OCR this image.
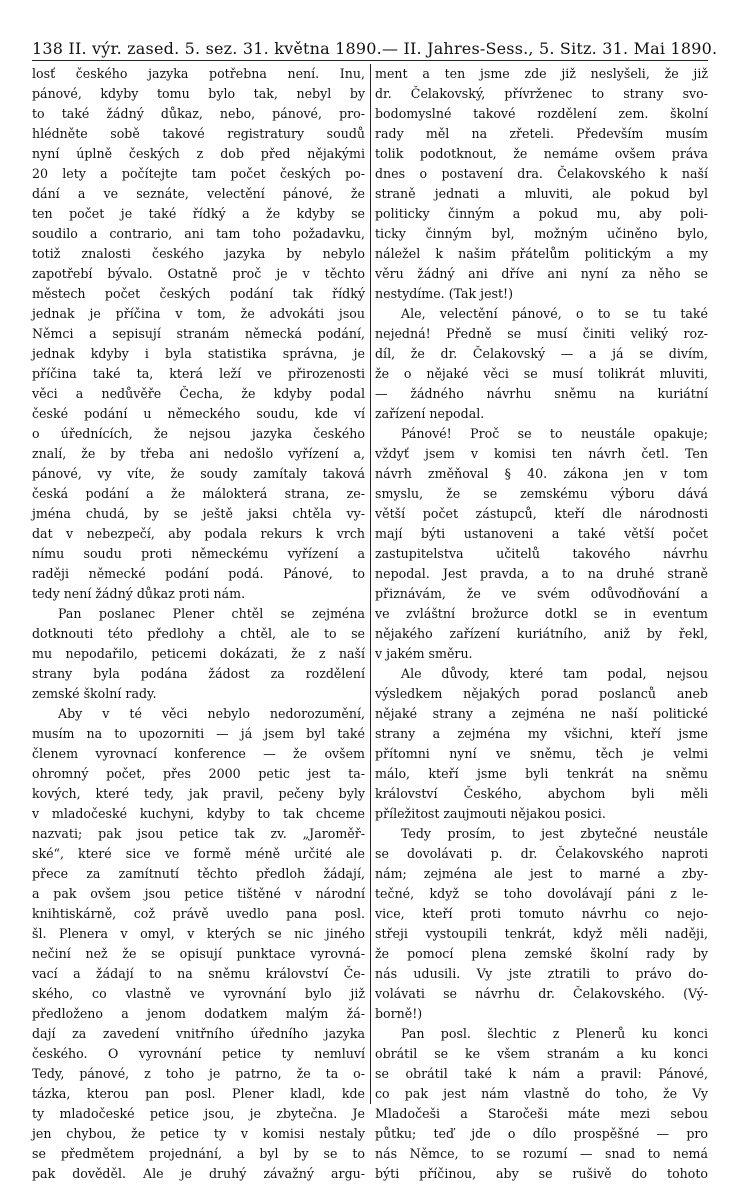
138 II. výr. zased. 5. sez. 31. května 1890. — II. Jahres-Sess., 5. Sitz. 31. Mai 1890.
losť českého jazyka potřebna není. Inu,
pánové, kdyby tomu bylo tak, nebyl by
to také žádný důkaz, nebo, pánové, pro-
hlédněte sobě takové registratury soudů
nyní úplně českých z dob před nějakými
20 lety a počítejte tam počet českých po-
dání a ve seznáte, velectění pánové, že
ten počet je také řídký a že kdyby se
soudilo a contrario, ani tam toho požadavku,
totiž znalosti českého jazyka by nebylo
zapotřebí bývalo. Ostatně proč je v těchto
městech počet českých podání tak řídký
jednak je příčina v tom, že advokáti jsou
Němci a sepisují stranám německá podání,
jednak kdyby i byla statistika správna, je
příčina také ta, která leží ve přirozenosti
věci a nedůvěře Čecha, že kdyby podal
české podání u německého soudu, kde ví
o úřednících, že nejsou jazyka českého
znalí, že by třeba ani nedošlo vyřízení a,
pánové, vy víte, že soudy zamítaly taková
česká podání a že málokterá strana, ze-
jména chudá, by se ještě jaksi chtěla vy-
dat v nebezpečí, aby podala rekurs k vrch
nímu soudu proti německému vyřízení a
raději německé podání podá. Pánové, to
tedy není žádný důkaz proti nám.
Pan poslanec Plener chtěl se zejména
dotknouti této předlohy a chtěl, ale to se
mu nepodařilo, peticemi dokázati, že z naší
strany byla podána žádost za rozdělení
zemské školní rady.
Aby v té věci nebylo nedorozumění,
musím na to upozorniti — já jsem byl také
členem vyrovnací konference — že ovšem
ohromný počet, přes 2000 petic jest ta-
kových, které tedy, jak pravil, pečeny byly
v mladočeské kuchyni, kdyby to tak chceme
nazvati; pak jsou petice tak zv. „Jaroměř-
ské“, které sice ve formě méně určité ale
přece za zamítnutí těchto předloh žádají,
a pak ovšem jsou petice tištěné v národní
knihtiskárně, což právě uvedlo pana posl.
šl. Plenera v omyl, v kterých se nic jiného
nečiní než že se opisují punktace vyrovná-
vací a žádají to na sněmu království Če-
ského, co vlastně ve vyrovnání bylo již
předloženo a jenom dodatkem malým žá-
dají za zavedení vnitřního úředního jazyka
českého. O vyrovnání petice ty nemluví
Tedy, pánové, z toho je patrno, že ta o-
tázka, kterou pan posl. Plener kladl, kde
ty mladočeské petice jsou, je zbytečna. Je
jen chybou, že petice ty v komisi nestaly
se předmětem projednání, a byl by se to
pak dověděl. Ale je druhý závažný argu-
ment a ten jsme zde již neslyšeli, že již
dr. Čelakovský, přívrženec to strany svo-
bodomyslné takové rozdělení zem. školní
rady měl na zřeteli. Především musím
tolik podotknout, že nemáme ovšem práva
dnes o postavení dra. Čelakovského k naší
straně jednati a mluviti, ale pokud byl
politicky činným a pokud mu, aby poli-
ticky činným byl, možným učiněno bylo,
náležel k našim přátelům politickým a my
věru žádný ani dříve ani nyní za něho se
nestydíme. (Tak jest!)
Ale, velectění pánové, o to se tu také
nejedná! Předně se musí činiti veliký roz-
díl, že dr. Čelakovský — a já se divím,
že o nějaké věci se musí tolikrát mluviti,
— žádného návrhu sněmu na kuriátní
zařízení nepodal.
Pánové! Proč se to neustále opakuje;
vždyť jsem v komisi ten návrh četl. Ten
návrh změňoval § 40. zákona jen v tom
smyslu, že se zemskému výboru dává
větší počet zástupců, kteří dle národnosti
mají býti ustanoveni a také větší počet
zastupitelstva učitelů takového návrhu
nepodal. Jest pravda, a to na druhé straně
přiznávám, že ve svém odůvodňování a
ve zvláštní brožurce dotkl se in eventum
nějakého zařízení kuriátního, aniž by řekl,
v jakém směru.
Ale důvody, které tam podal, nejsou
výsledkem nějakých porad poslanců aneb
nějaké strany a zejména ne naší politické
strany a zejména my všichni, kteří jsme
přítomni nyní ve sněmu, těch je velmi
málo, kteří jsme byli tenkrát na sněmu
království Českého, abychom byli měli
příležitost zaujmouti nějakou posici.
Tedy prosím, to jest zbytečné neustále
se dovolávati p. dr. Čelakovského naproti
nám; zejména ale jest to marné a zby-
tečné, když se toho dovolávají páni z le-
vice, kteří proti tomuto návrhu co nejo-
střeji vystoupili tenkrát, když měli naději,
že pomocí plena zemské školní rady by
nás udusili. Vy jste ztratili to právo do-
volávati se návrhu dr. Čelakovského. (Vý-
borně!)
Pan posl. šlechtic z Plenerů ku konci
obrátil se ke všem stranám a ku konci
se obrátil také k nám a pravil: Pánové,
co pak jest nám vlastně do toho, že Vy
Mladočeši a Staročeši máte mezi sebou
půtku; teď jde o dílo prospěšné — pro
nás Němce, to se rozumí — snad to nemá
býti příčinou, aby se rušivě do tohoto
